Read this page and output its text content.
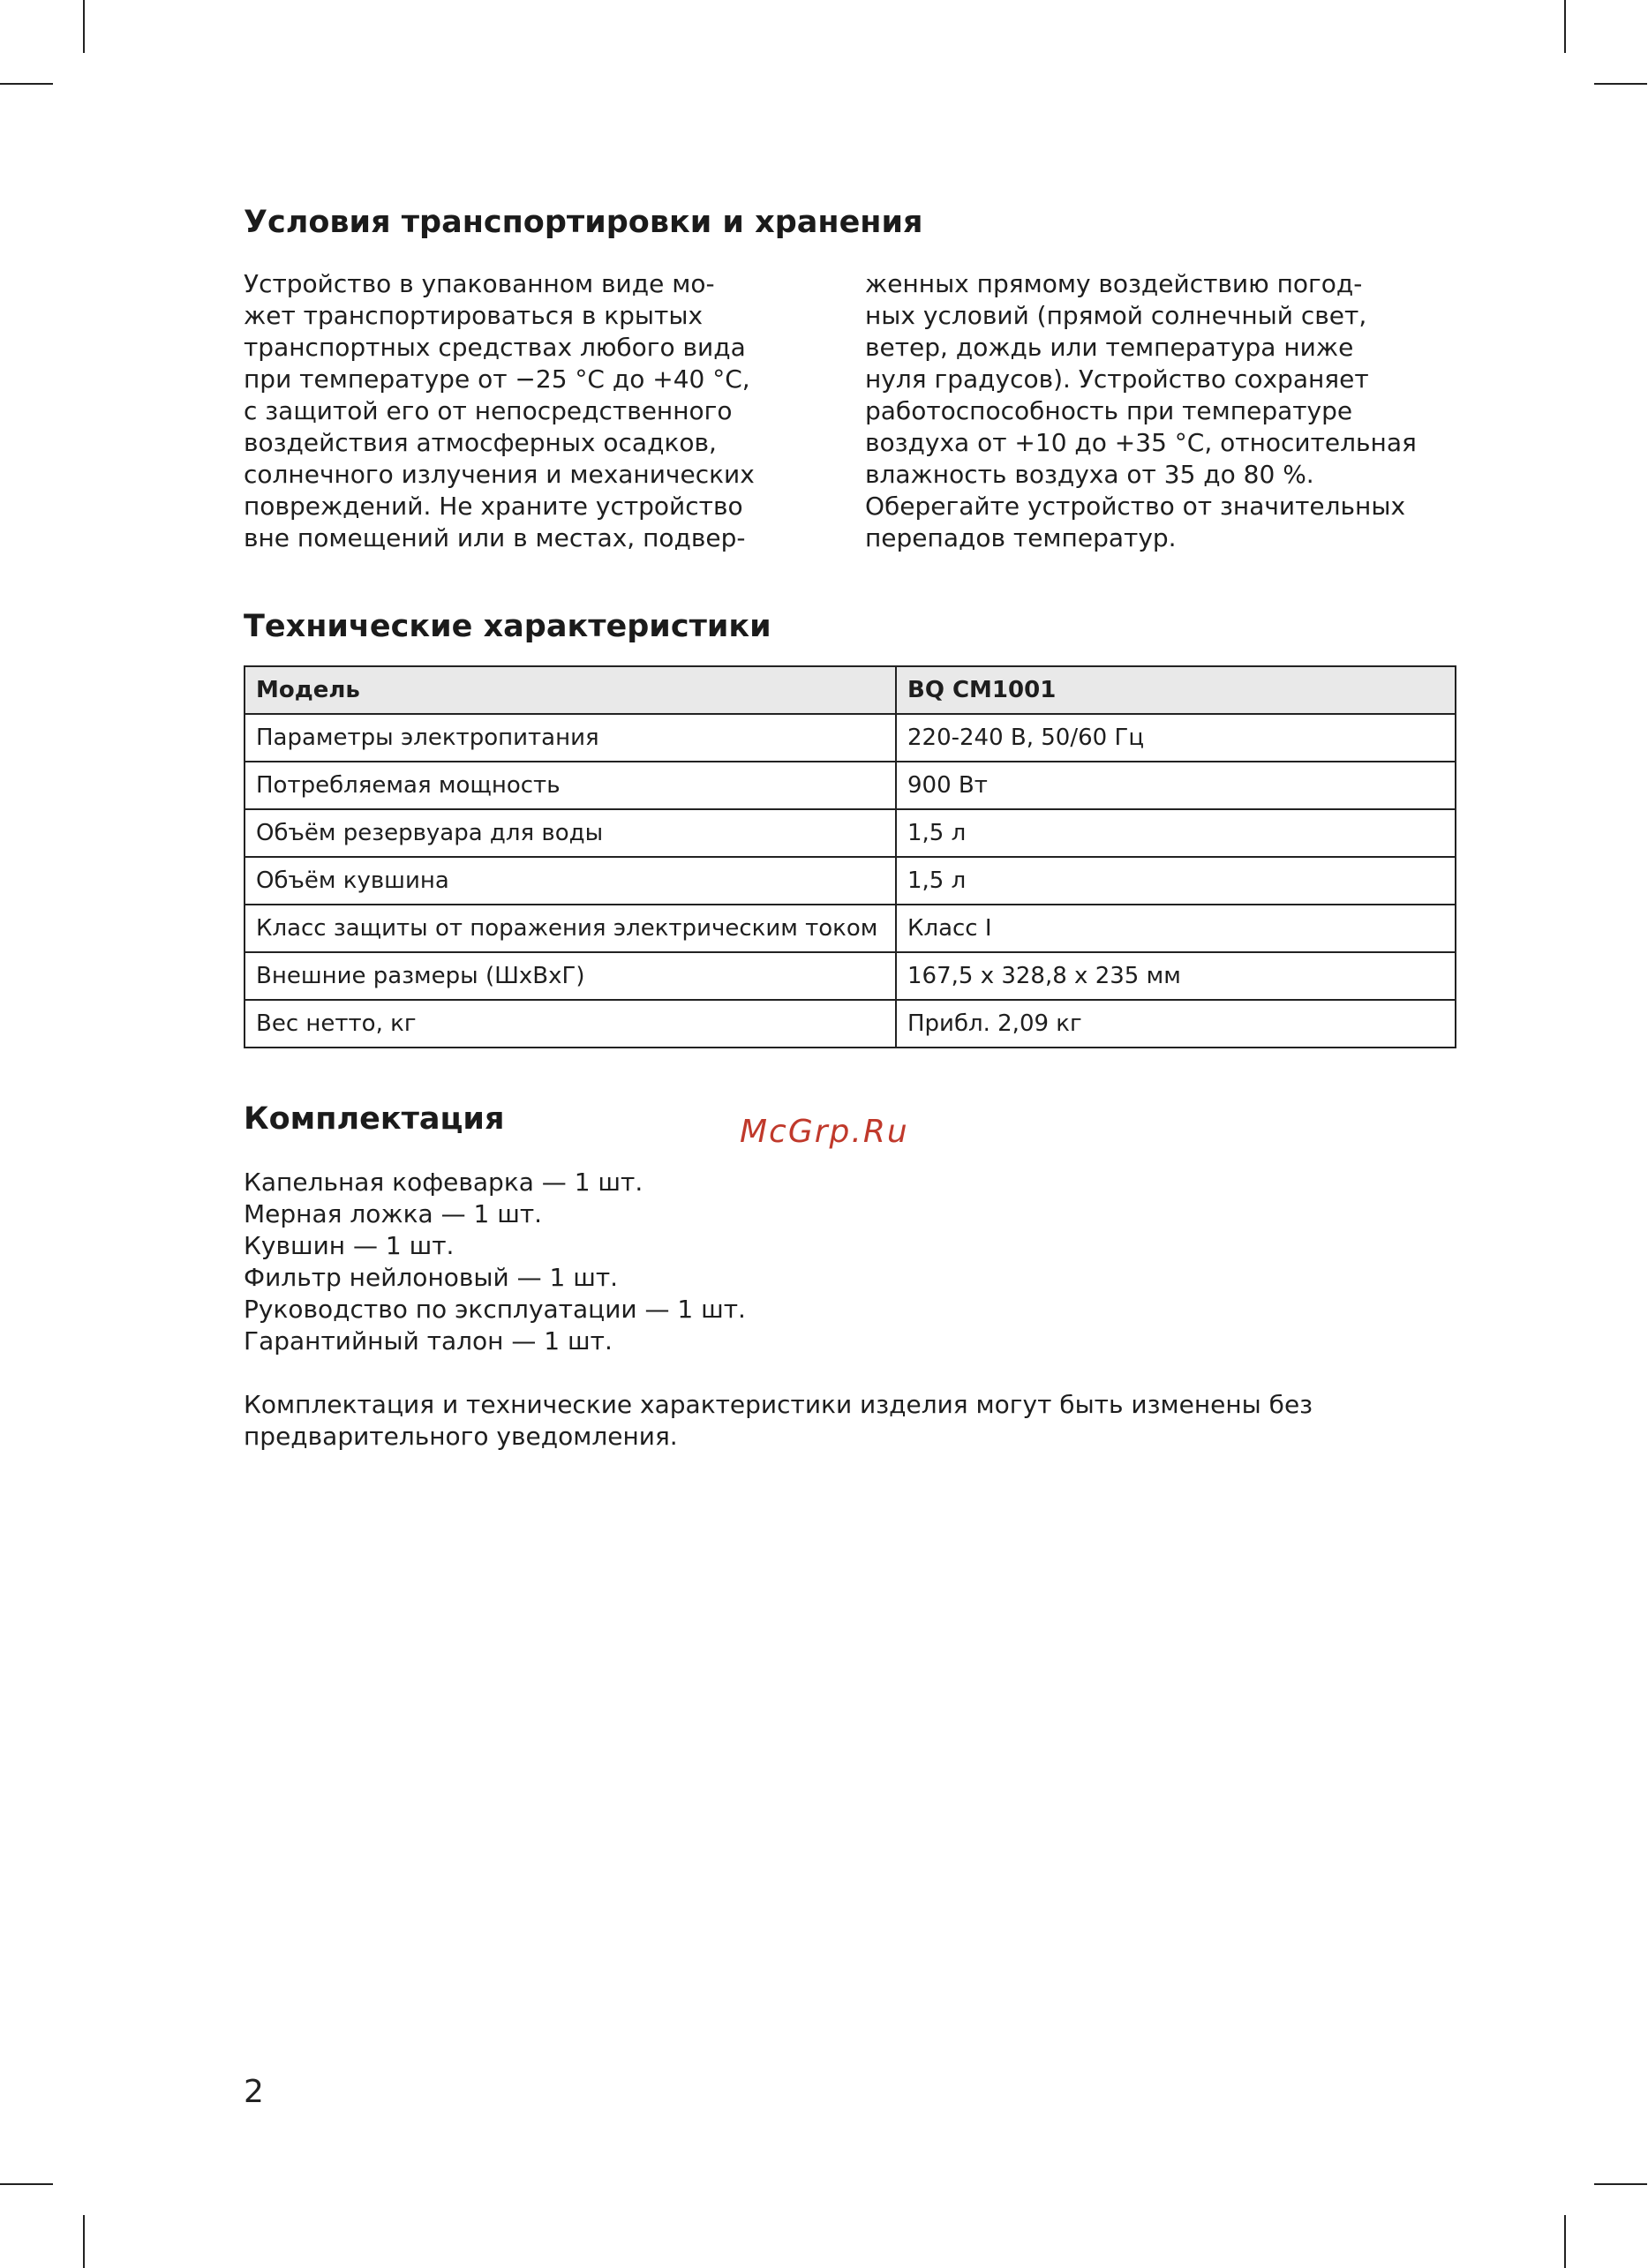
Условия транспортировки и хранения

Устройство в упакованном виде мо-
жет транспортироваться в крытых
транспортных средствах любого вида
при температуре от −25 °С до +40 °С,
с защитой его от непосредственного
воздействия атмосферных осадков,
солнечного излучения и механических
повреждений. Не храните устройство
вне помещений или в местах, подвер-

женных прямому воздействию погод-
ных условий (прямой солнечный свет,
ветер, дождь или температура ниже
нуля градусов). Устройство сохраняет
работоспособность при температуре
воздуха от +10 до +35 °С, относительная
влажность воздуха от 35 до 80 %.
Оберегайте устройство от значительных
перепадов температур.

Технические характеристики
Модель	BQ CM1001
Параметры электропитания	220-240 В, 50/60 Гц
Потребляемая мощность	900 Вт
Объём резервуара для воды	1,5 л
Объём кувшина	1,5 л
Класс защиты от поражения электрическим током	Класс I
Внешние размеры (ШхВхГ)	167,5 x 328,8 x 235 мм
Вес нетто, кг	Прибл. 2,09 кг
Комплектация
Капельная кофеварка — 1 шт.
Мерная ложка — 1 шт.
Кувшин — 1 шт.
Фильтр нейлоновый — 1 шт.
Руководство по эксплуатации — 1 шт.
Гарантийный талон — 1 шт.
Комплектация и технические характеристики изделия могут быть изменены без предварительного уведомления.
McGrp.Ru
2
